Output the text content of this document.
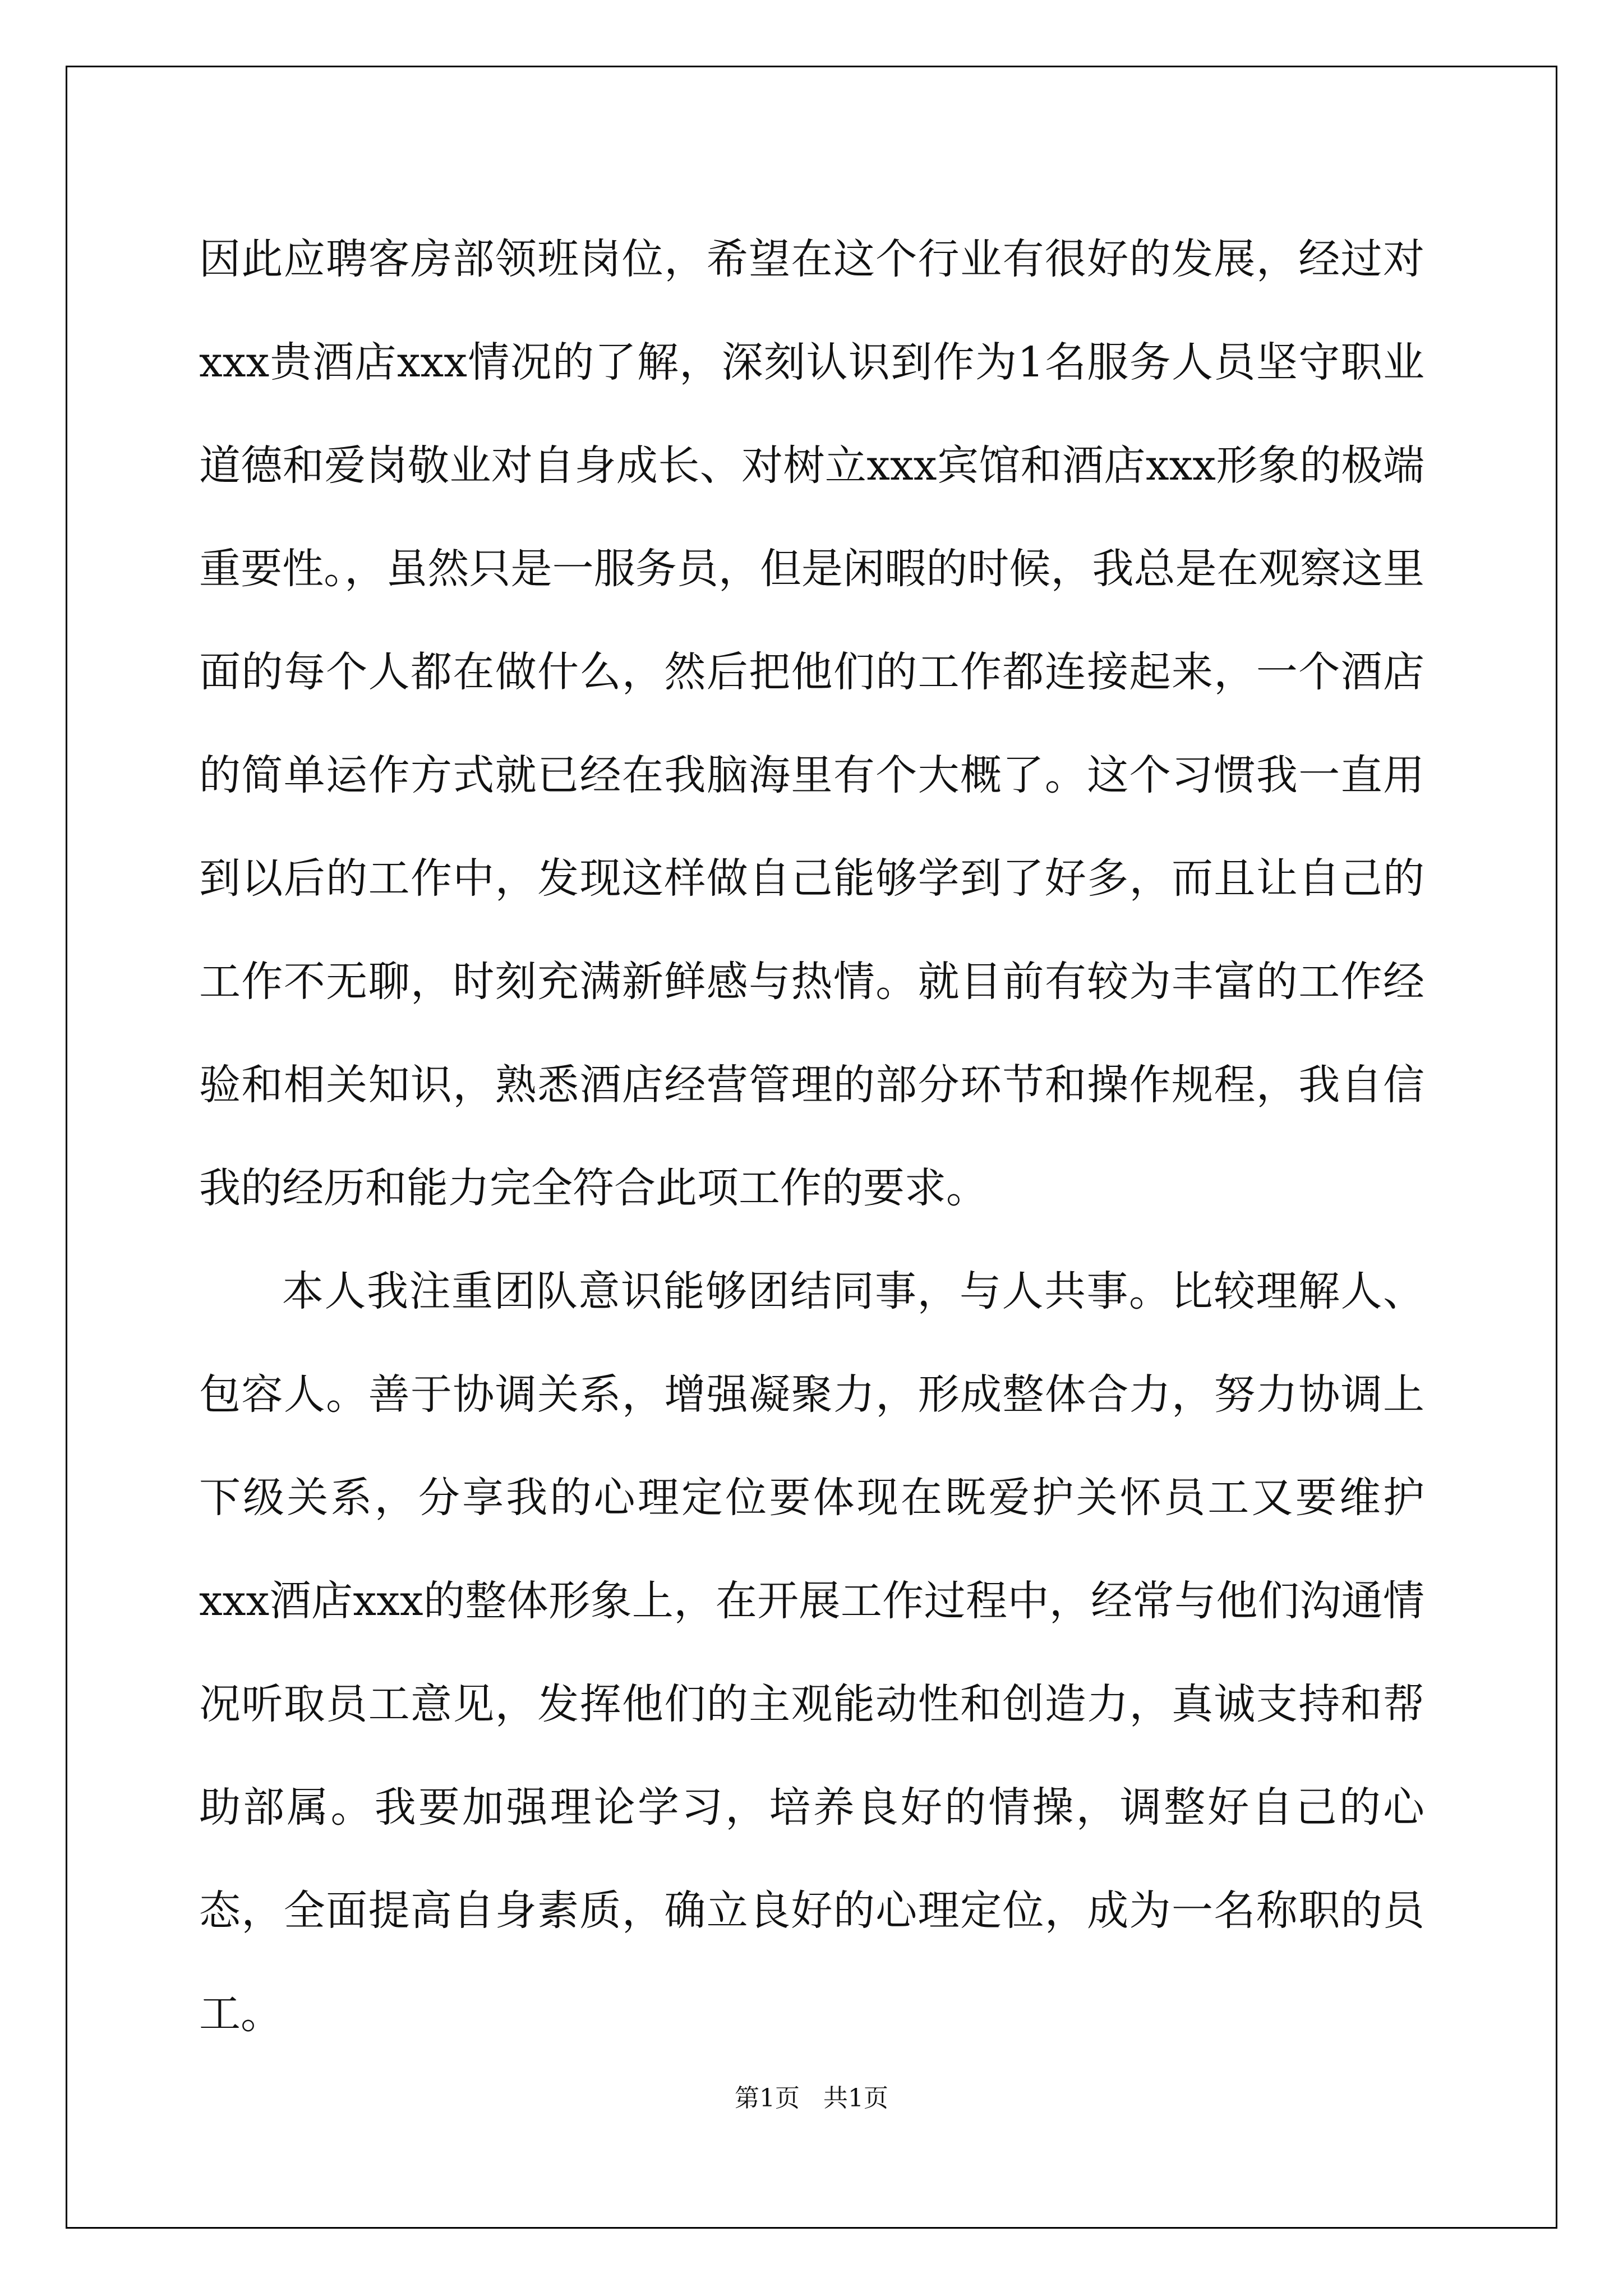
因此应聘客房部领班岗位，希望在这个行业有很好的发展，经过对xxx贵酒店xxx情况的了解，深刻认识到作为1名服务人员坚守职业道德和爱岗敬业对自身成长、对树立xxx宾馆和酒店xxx形象的极端重要性。，虽然只是一服务员，但是闲暇的时候，我总是在观察这里面的每个人都在做什么，然后把他们的工作都连接起来，一个酒店的简单运作方式就已经在我脑海里有个大概了。这个习惯我一直用到以后的工作中，发现这样做自己能够学到了好多，而且让自己的工作不无聊，时刻充满新鲜感与热情。就目前有较为丰富的工作经验和相关知识，熟悉酒店经营管理的部分环节和操作规程，我自信我的经历和能力完全符合此项工作的要求。

本人我注重团队意识能够团结同事，与人共事。比较理解人、包容人。善于协调关系，增强凝聚力，形成整体合力，努力协调上下级关系，分享我的心理定位要体现在既爱护关怀员工又要维护xxx酒店xxx的整体形象上，在开展工作过程中，经常与他们沟通情况听取员工意见，发挥他们的主观能动性和创造力，真诚支持和帮助部属。我要加强理论学习，培养良好的情操，调整好自己的心态，全面提高自身素质，确立良好的心理定位，成为一名称职的员工。

第1页   共1页
